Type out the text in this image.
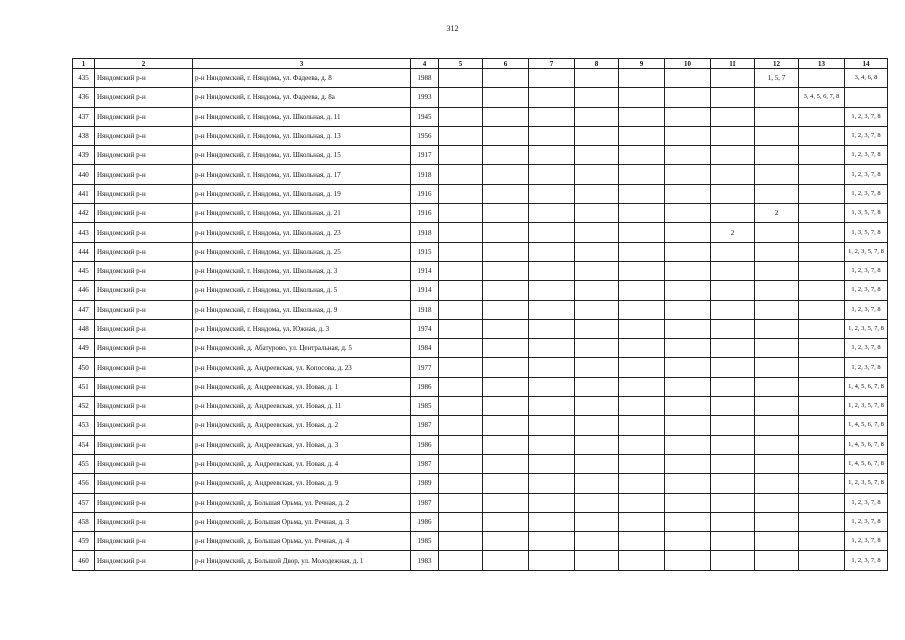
312
1	2	3	4	5	6	7	8	9	10	11	12	13	14
435	Няндомский р-н	р-н Няндомский, г. Няндома, ул. Фадеева, д. 8	1988								1, 5, 7		3, 4, 6, 8
436	Няндомский р-н	р-н Няндомский, г. Няндома, ул. Фадеева, д. 8а	1993									3, 4, 5, 6, 7, 8	
437	Няндомский р-н	р-н Няндомский, г. Няндома, ул. Школьная, д. 11	1945										1, 2, 3, 7, 8
438	Няндомский р-н	р-н Няндомский, г. Няндома, ул. Школьная, д. 13	1956										1, 2, 3, 7, 8
439	Няндомский р-н	р-н Няндомский, г. Няндома, ул. Школьная, д. 15	1917										1, 2, 3, 7, 8
440	Няндомский р-н	р-н Няндомский, г. Няндома, ул. Школьная, д. 17	1918										1, 2, 3, 7, 8
441	Няндомский р-н	р-н Няндомский, г. Няндома, ул. Школьная, д. 19	1916										1, 2, 3, 7, 8
442	Няндомский р-н	р-н Няндомский, г. Няндома, ул. Школьная, д. 21	1916								2		1, 3, 5, 7, 8
443	Няндомский р-н	р-н Няндомский, г. Няндома, ул. Школьная, д. 23	1918							2			1, 3, 5, 7, 8
444	Няндомский р-н	р-н Няндомский, г. Няндома, ул. Школьная, д. 25	1915										1, 2, 3, 5, 7, 8
445	Няндомский р-н	р-н Няндомский, г. Няндома, ул. Школьная, д. 3	1914										1, 2, 3, 7, 8
446	Няндомский р-н	р-н Няндомский, г. Няндома, ул. Школьная, д. 5	1914										1, 2, 3, 7, 8
447	Няндомский р-н	р-н Няндомский, г. Няндома, ул. Школьная, д. 9	1918										1, 2, 3, 7, 8
448	Няндомский р-н	р-н Няндомский, г. Няндома, ул. Южная, д. 3	1974										1, 2, 3, 5, 7, 8
449	Няндомский р-н	р-н Няндомский, д. Абатурово, ул. Центральная, д. 5	1984										1, 2, 3, 7, 8
450	Няндомский р-н	р-н Няндомский, д. Андреевская, ул. Копосова, д. 23	1977										1, 2, 3, 7, 8
451	Няндомский р-н	р-н Няндомский, д. Андреевская, ул. Новая, д. 1	1986										1, 4, 5, 6, 7, 8
452	Няндомский р-н	р-н Няндомский, д. Андреевская, ул. Новая, д. 11	1985										1, 2, 3, 5, 7, 8
453	Няндомский р-н	р-н Няндомский, д. Андреевская, ул. Новая, д. 2	1987										1, 4, 5, 6, 7, 8
454	Няндомский р-н	р-н Няндомский, д. Андреевская, ул. Новая, д. 3	1986										1, 4, 5, 6, 7, 8
455	Няндомский р-н	р-н Няндомский, д. Андреевская, ул. Новая, д. 4	1987										1, 4, 5, 6, 7, 8
456	Няндомский р-н	р-н Няндомский, д. Андреевская, ул. Новая, д. 9	1989										1, 2, 3, 5, 7, 8
457	Няндомский р-н	р-н Няндомский, д. Большая Орьма, ул. Речная, д. 2	1987										1, 2, 3, 7, 8
458	Няндомский р-н	р-н Няндомский, д. Большая Орьма, ул. Речная, д. 3	1986										1, 2, 3, 7, 8
459	Няндомский р-н	р-н Няндомский, д. Большая Орьма, ул. Речная, д. 4	1985										1, 2, 3, 7, 8
460	Няндомский р-н	р-н Няндомский, д. Большой Двор, ул. Молодежная, д. 1	1983										1, 2, 3, 7, 8
